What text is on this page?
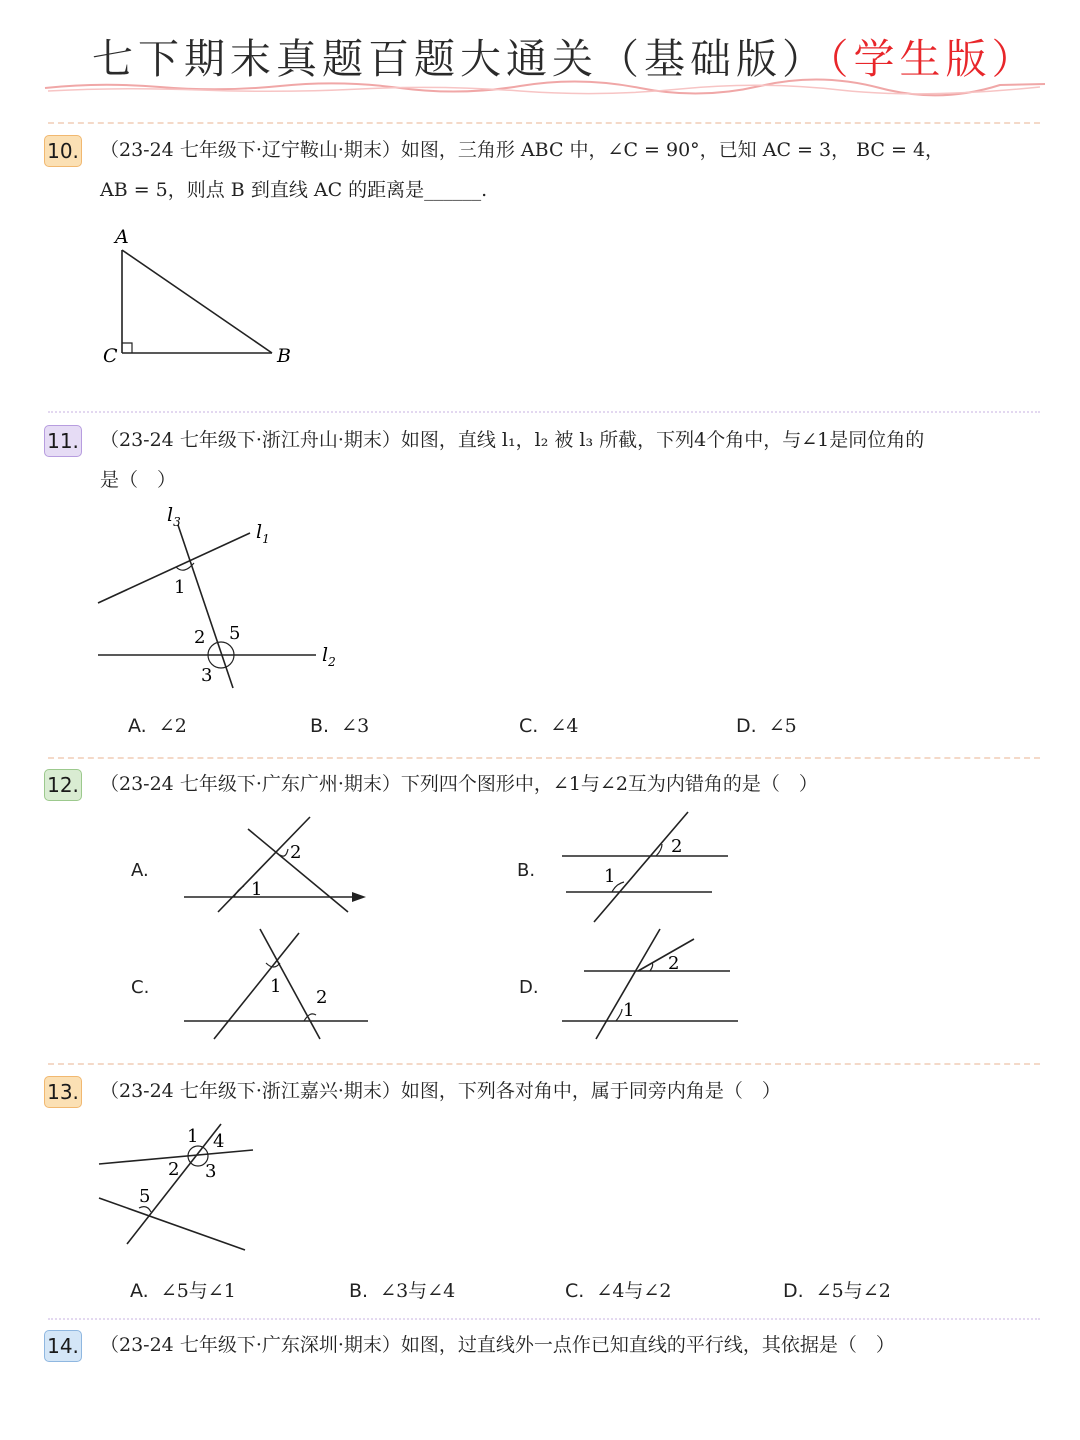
七下期末真题百题大通关（基础版）（学生版）
10. （23-24 七年级下·辽宁鞍山·期末）如图，三角形 ABC 中，∠C = 90°，已知 AC = 3， BC = 4，
AB = 5，则点 B 到直线 AC 的距离是______.
A
C	B
11. （23-24 七年级下·浙江舟山·期末）如图，直线 l₁，l₂ 被 l₃ 所截，下列4个角中，与∠1是同位角的
是（　）
$l_3$	$l_1$
$l_2$
1
2 5
3
A. ∠2	B. ∠3	C. ∠4	D. ∠5
12. （23-24 七年级下·广东广州·期末）下列四个图形中，∠1与∠2互为内错角的是（　）
A.
1
2
B.	1
2
C.	1
2	D.
2
1
13. （23-24 七年级下·浙江嘉兴·期末）如图，下列各对角中，属于同旁内角是（　）
1 4
2 3
5
A. ∠5与∠1	B. ∠3与∠4	C. ∠4与∠2	D. ∠5与∠2
14. （23-24 七年级下·广东深圳·期末）如图，过直线外一点作已知直线的平行线，其依据是（　）
